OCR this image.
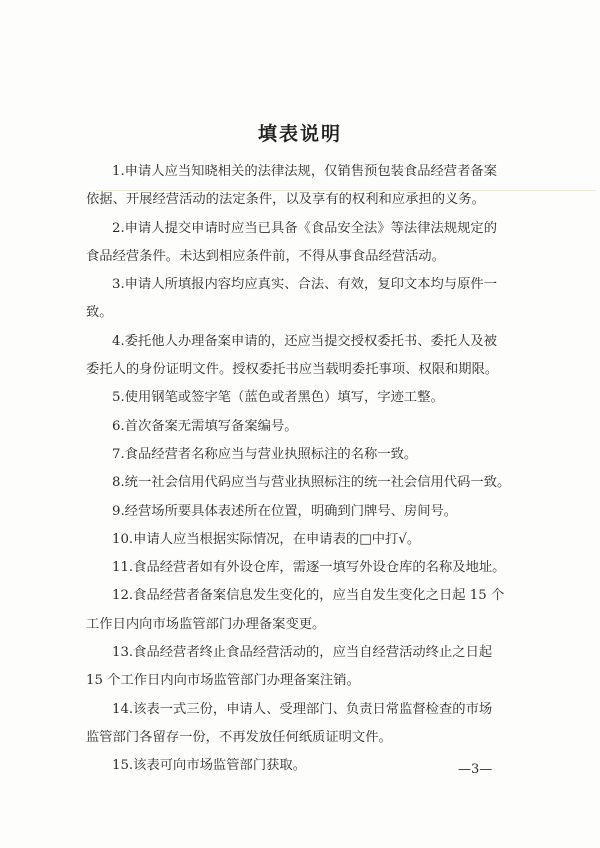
填表说明
1.申请人应当知晓相关的法律法规，仅销售预包装食品经营者备案
依据、开展经营活动的法定条件，以及享有的权利和应承担的义务。
2.申请人提交申请时应当已具备《食品安全法》等法律法规规定的
食品经营条件。未达到相应条件前，不得从事食品经营活动。
3.申请人所填报内容均应真实、合法、有效，复印文本均与原件一
致。
4.委托他人办理备案申请的，还应当提交授权委托书、委托人及被
委托人的身份证明文件。授权委托书应当载明委托事项、权限和期限。
5.使用钢笔或签字笔（蓝色或者黑色）填写，字迹工整。
6.首次备案无需填写备案编号。
7.食品经营者名称应当与营业执照标注的名称一致。
8.统一社会信用代码应当与营业执照标注的统一社会信用代码一致。
9.经营场所要具体表述所在位置，明确到门牌号、房间号。
10.申请人应当根据实际情况，在申请表的□中打√。
11.食品经营者如有外设仓库，需逐一填写外设仓库的名称及地址。
12.食品经营者备案信息发生变化的，应当自发生变化之日起 15 个
工作日内向市场监管部门办理备案变更。
13.食品经营者终止食品经营活动的，应当自经营活动终止之日起
15 个工作日内向市场监管部门办理备案注销。
14.该表一式三份，申请人、受理部门、负责日常监督检查的市场
监管部门各留存一份，不再发放任何纸质证明文件。
15.该表可向市场监管部门获取。	—3—
